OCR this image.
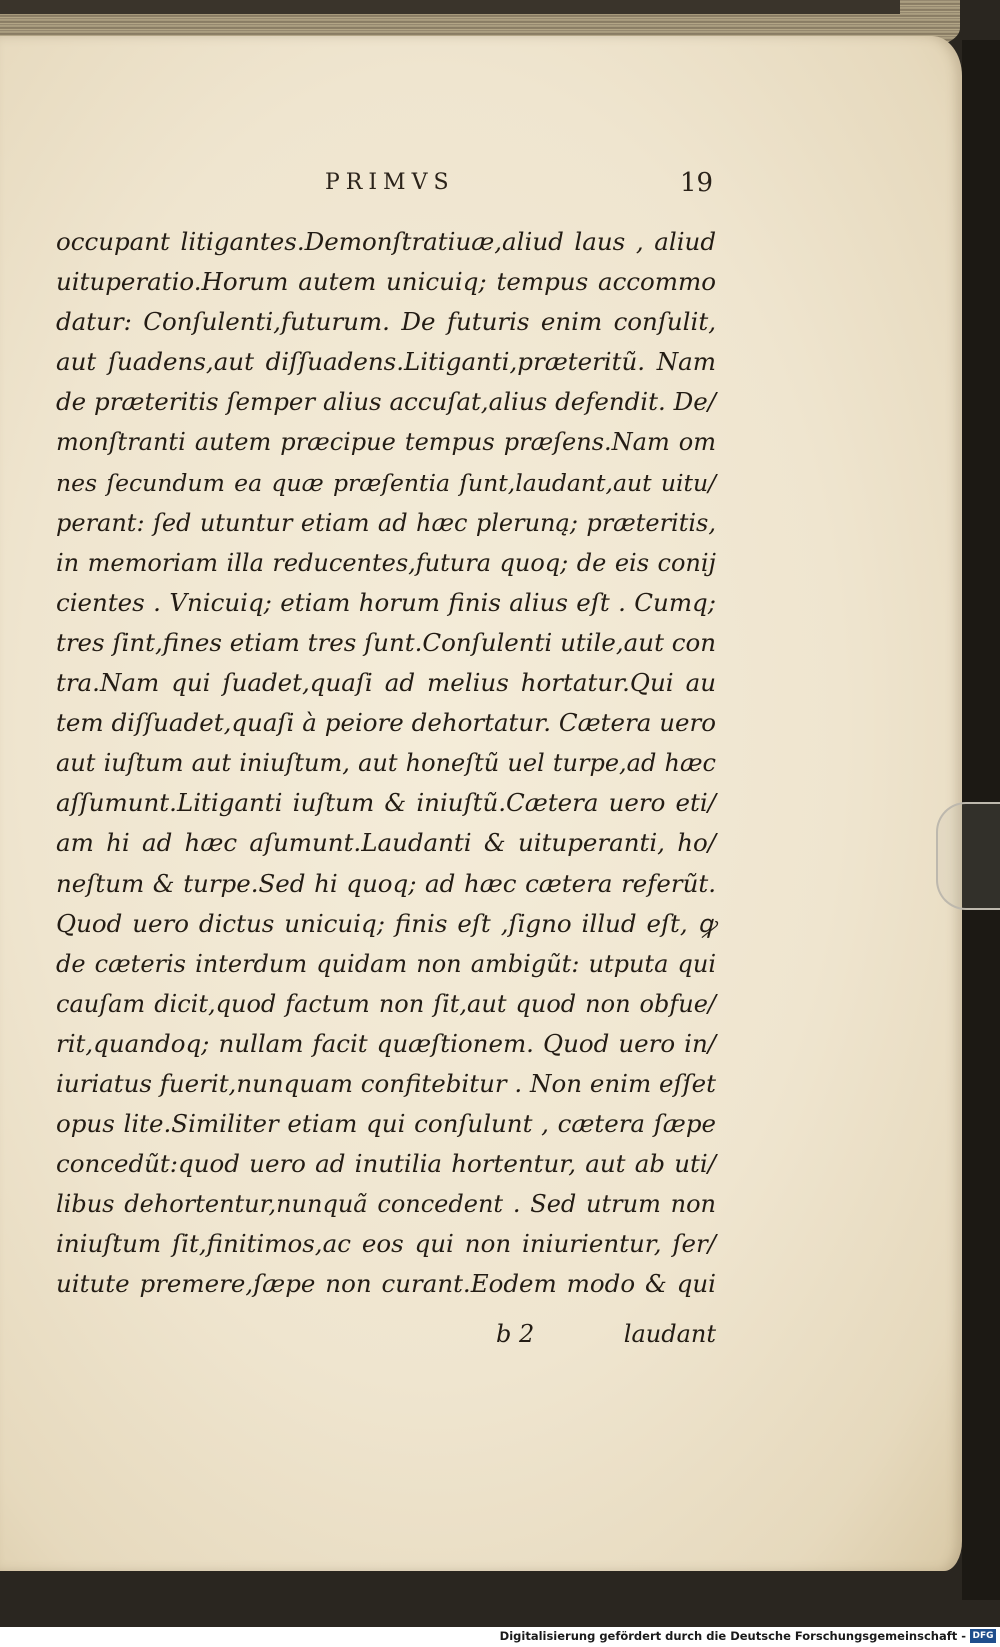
PRIMVS	19
occupant litigantes.Demonſtratiuæ,aliud laus , aliud
uituperatio.Horum autem unicuiq; tempus accommo
datur: Conſulenti,futurum. De futuris enim conſulit,
aut ſuadens,aut diſſuadens.Litiganti,præteritũ. Nam
de præteritis ſemper alius accuſat,alius defendit. De/
monſtranti autem præcipue tempus præſens.Nam om
nes ſecundum ea quæ præſentia ſunt,laudant,aut uitu/
perant: ſed utuntur etiam ad hæc pleruną; præteritis,
in memoriam illa reducentes,futura quoq; de eis conij
cientes . Vnicuiq; etiam horum finis alius eſt . Cumq;
tres ſint,fines etiam tres ſunt.Conſulenti utile,aut con
tra.Nam qui ſuadet,quaſi ad melius hortatur.Qui au
tem diſſuadet,quaſi à peiore dehortatur. Cætera uero
aut iuſtum aut iniuſtum, aut honeſtũ uel turpe,ad hæc
aſſumunt.Litiganti iuſtum & iniuſtũ.Cætera uero eti/
am hi ad hæc aſumunt.Laudanti & uituperanti, ho/
neſtum & turpe.Sed hi quoq; ad hæc cætera referũt.
Quod uero dictus unicuiq; finis eſt ,ſigno illud eſt, ꝙ
de cæteris interdum quidam non ambigũt: utputa qui
cauſam dicit,quod factum non ſit,aut quod non obfue/
rit,quandoq; nullam facit quæſtionem. Quod uero in/
iuriatus fuerit,nunquam confitebitur . Non enim eſſet
opus lite.Similiter etiam qui conſulunt , cætera ſæpe
concedũt:quod uero ad inutilia hortentur, aut ab uti/
libus dehortentur,nunquã concedent . Sed utrum non
iniuſtum ſit,finitimos,ac eos qui non iniurientur, ſer/
uitute premere,ſæpe non curant.Eodem modo & qui
b 2	laudant
Digitalisierung gefördert durch die Deutsche Forschungsgemeinschaft - DFG
